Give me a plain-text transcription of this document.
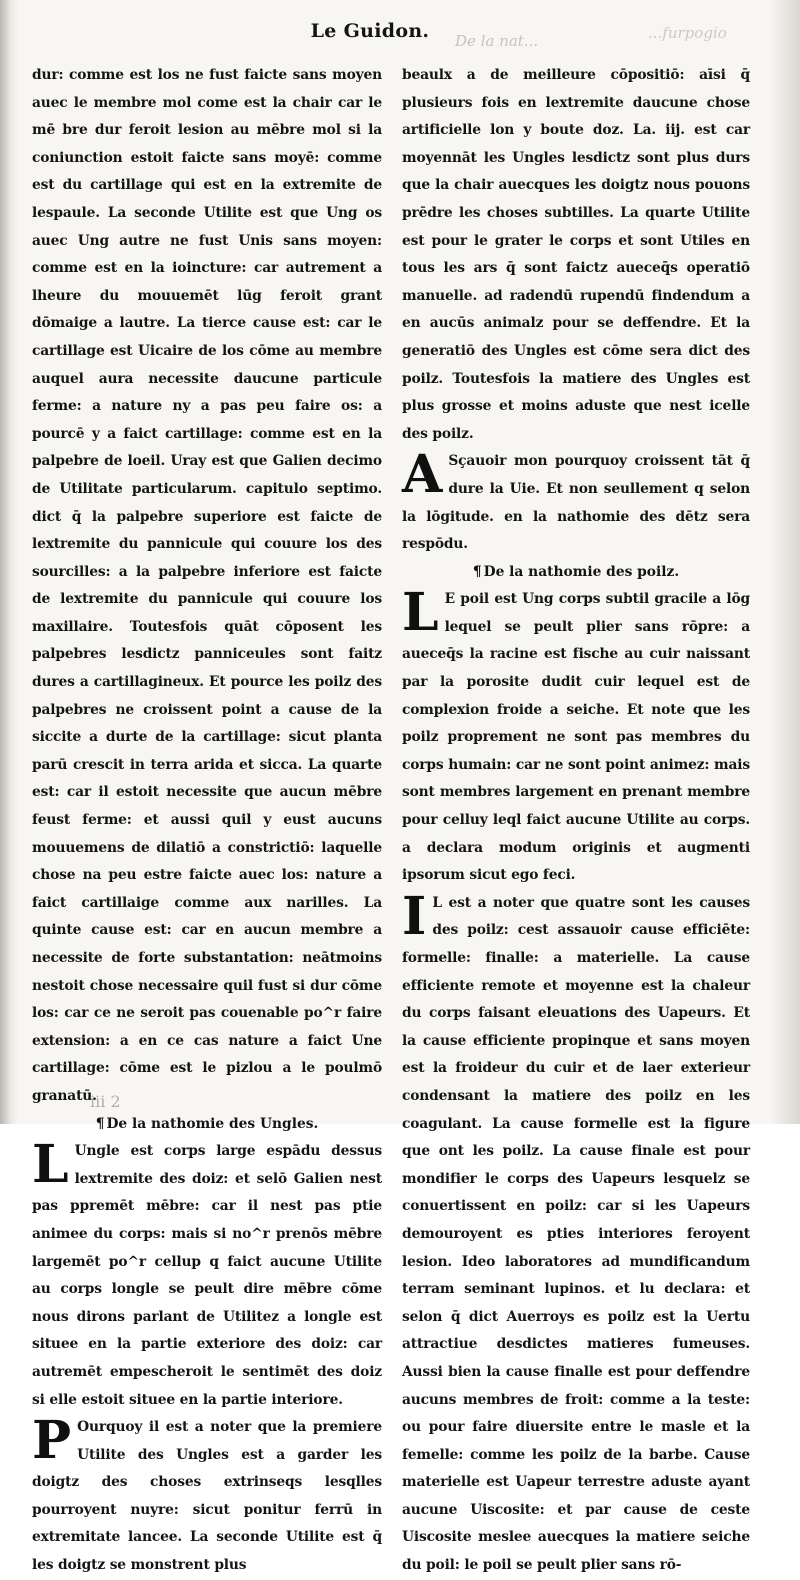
De la nat...
Le Guidon.	...furpogio

dur: comme est los ne fust faicte sans moyen auec le membre mol come est la chair car le mē bre dur feroit lesion au mēbre mol si la coniunction estoit faicte sans moyē: comme est du cartillage qui est en la extremite de lespaule. La seconde Utilite est que Ung os auec Ung autre ne fust Unis sans moyen: comme est en la ioincture: car autrement a lheure du mouuemēt lūg feroit grant dōmaige a lautre. La tierce cause est: car le cartillage est Uicaire de los cōme au membre auquel aura necessite daucune particule ferme: a nature ny a pas peu faire os: a pourcē y a faict cartillage: comme est en la palpebre de loeil. Uray est que Galien decimo de Utilitate particularum. capitulo septimo. dict q̄ la palpebre superiore est faicte de lextremite du pannicule qui couure los des sourcilles: a la palpebre inferiore est faicte de lextremite du pannicule qui couure los maxillaire. Toutesfois quāt cōposent les palpebres lesdictz panniceules sont faitz dures a cartillagineux. Et pource les poilz des palpebres ne croissent point a cause de la siccite a durte de la cartillage: sicut planta parū crescit in terra arida et sicca. La quarte est: car il estoit necessite que aucun mēbre feust ferme: et aussi quil y eust aucuns mouuemens de dilatiō a constrictiō: laquelle chose na peu estre faicte auec los: nature a faict cartillaige comme aux narilles. La quinte cause est: car en aucun membre a necessite de forte substantation: neātmoins nestoit chose necessaire quil fust si dur cōme los: car ce ne seroit pas couenable po^r faire extension: a en ce cas nature a faict Une cartillage: cōme est le pizlou a le poulmō granatū.

¶ De la nathomie des Ungles.
L Ungle est corps large espādu dessus lextremite des doiz: et selō Galien nest pas ppremēt mēbre: car il nest pas ptie animee du corps: mais si no^r prenōs mēbre largemēt po^r cellup q faict aucune Utilite au corps longle se peult dire mēbre cōme nous dirons parlant de Utilitez a longle est situee en la partie exteriore des doiz: car autremēt empescheroit le sentimēt des doiz si elle estoit situee en la partie interiore.

P Ourquoy il est a noter que la premiere Utilite des Ungles est a garder les doigtz des choses extrinseqs lesqlles pourroyent nuyre: sicut ponitur ferrū in extremitate lancee. La seconde Utilite est q̄ les doigtz se monstrent plus

beaulx a de meilleure cōpositiō: aīsi q̄ plusieurs fois en lextremite daucune chose artificielle lon y boute doz. La. iij. est car moyennāt les Ungles lesdictz sont plus durs que la chair auecques les doigtz nous pouons prēdre les choses subtilles. La quarte Utilite est pour le grater le corps et sont Utiles en tous les ars q̄ sont faictz aueceq̄s operatiō manuelle. ad radendū rupendū findendum a en aucūs animalz pour se deffendre. Et la generatiō des Ungles est cōme sera dict des poilz. Toutesfois la matiere des Ungles est plus grosse et moins aduste que nest icelle des poilz.

A Sçauoir mon pourquoy croissent tāt q̄ dure la Uie. Et non seullement q selon la lōgitude. en la nathomie des dētz sera respōdu.

¶ De la nathomie des poilz.
L E poil est Ung corps subtil gracile a lōg lequel se peult plier sans rōpre: a aueceq̄s la racine est fische au cuir naissant par la porosite dudit cuir lequel est de complexion froide a seiche. Et note que les poilz proprement ne sont pas membres du corps humain: car ne sont point animez: mais sont membres largement en prenant membre pour celluy leql faict aucune Utilite au corps. a declara modum originis et augmenti ipsorum sicut ego feci.

I L est a noter que quatre sont les causes des poilz: cest assauoir cause efficiēte: formelle: finalle: a materielle. La cause efficiente remote et moyenne est la chaleur du corps faisant eleuations des Uapeurs. Et la cause efficiente propinque et sans moyen est la froideur du cuir et de laer exterieur condensant la matiere des poilz en les coagulant. La cause formelle est la figure que ont les poilz. La cause finale est pour mondifier le corps des Uapeurs lesquelz se conuertissent en poilz: car si les Uapeurs demouroyent es pties interiores feroyent lesion. Ideo laboratores ad mundificandum terram seminant lupinos. et lu declara: et selon q̄ dict Auerroys es poilz est la Uertu attractiue desdictes matieres fumeuses. Aussi bien la cause finalle est pour deffendre aucuns membres de froit: comme a la teste: ou pour faire diuersite entre le masle et la femelle: comme les poilz de la barbe. Cause materielle est Uapeur terrestre aduste ayant aucune Uiscosite: et par cause de ceste Uiscosite meslee auecques la matiere seiche du poil: le poil se peult plier sans rō-

iii 2
